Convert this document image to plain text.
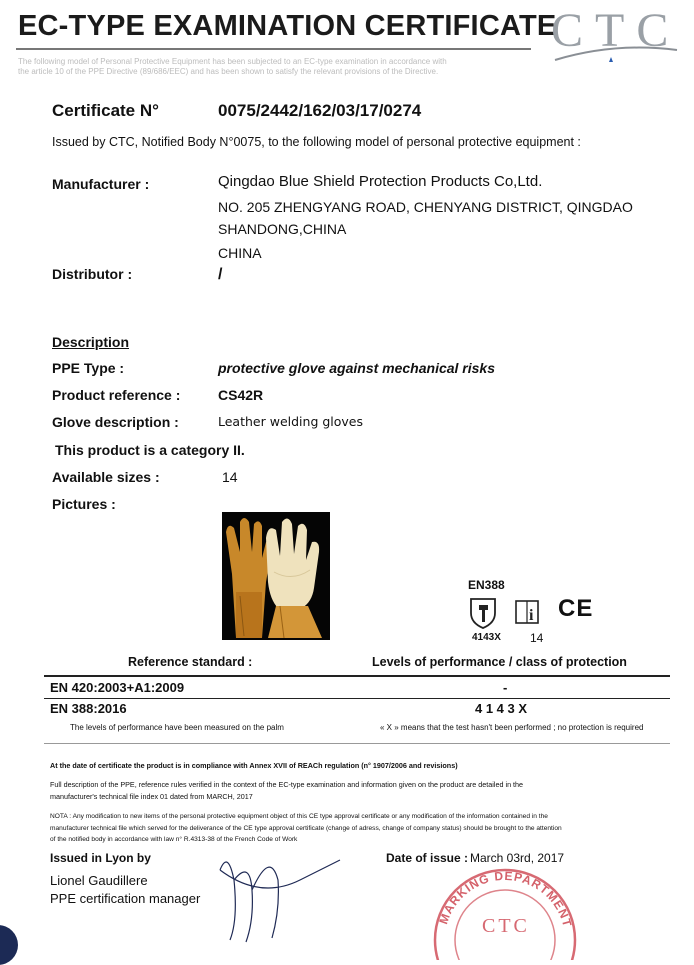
EC-TYPE EXAMINATION CERTIFICATE
The following model of Personal Protective Equipment has been subjected to an EC-type examination in accordance with
the article 10 of the PPE Directive (89/686/EEC) and has been shown to satisfy the relevant provisions of the Directive.
CTC
Certificate N°	0075/2442/162/03/17/0274
Issued by CTC, Notified Body N°0075, to the following model of personal protective equipment :
Manufacturer :	Qingdao Blue Shield Protection Products Co,Ltd.
NO. 205 ZHENGYANG ROAD, CHENYANG DISTRICT, QINGDAO
SHANDONG,CHINA
CHINA
Distributor :	/
Description
PPE Type :	protective glove against mechanical risks
Product reference :	CS42R
Glove description :	Leather welding gloves
This product is a category II.
Available sizes :	14
Pictures :
EN388
i CE
4143X 14
Reference standard :	Levels of performance / class of protection
EN 420:2003+A1:2009	-
EN 388:2016	4 1 4 3 X
The levels of performance have been measured on the palm	« X » means that the test hasn't been performed ; no protection is required
At the date of certificate the product is in compliance with Annex XVII of REACh regulation (n° 1907/2006 and revisions)
Full description of the PPE, reference rules verified in the context of the EC-type examination and information given on the product are detailed in the
manufacturer's technical file index 01 dated from MARCH, 2017
NOTA : Any modification to new items of the personal protective equipment object of this CE type approval certificate or any modification of the information contained in the
manufacturer technical file which served for the deliverance of the CE type approval certificate (change of adress, change of company status) should be brought to the attention
of the notified body in accordance with law n° R.4313-38 of the French Code of Work
Issued in Lyon by	Date of issue : March 03rd, 2017
Lionel Gaudillere
PPE certification manager
MARKING DEPARTMENT
CTC
